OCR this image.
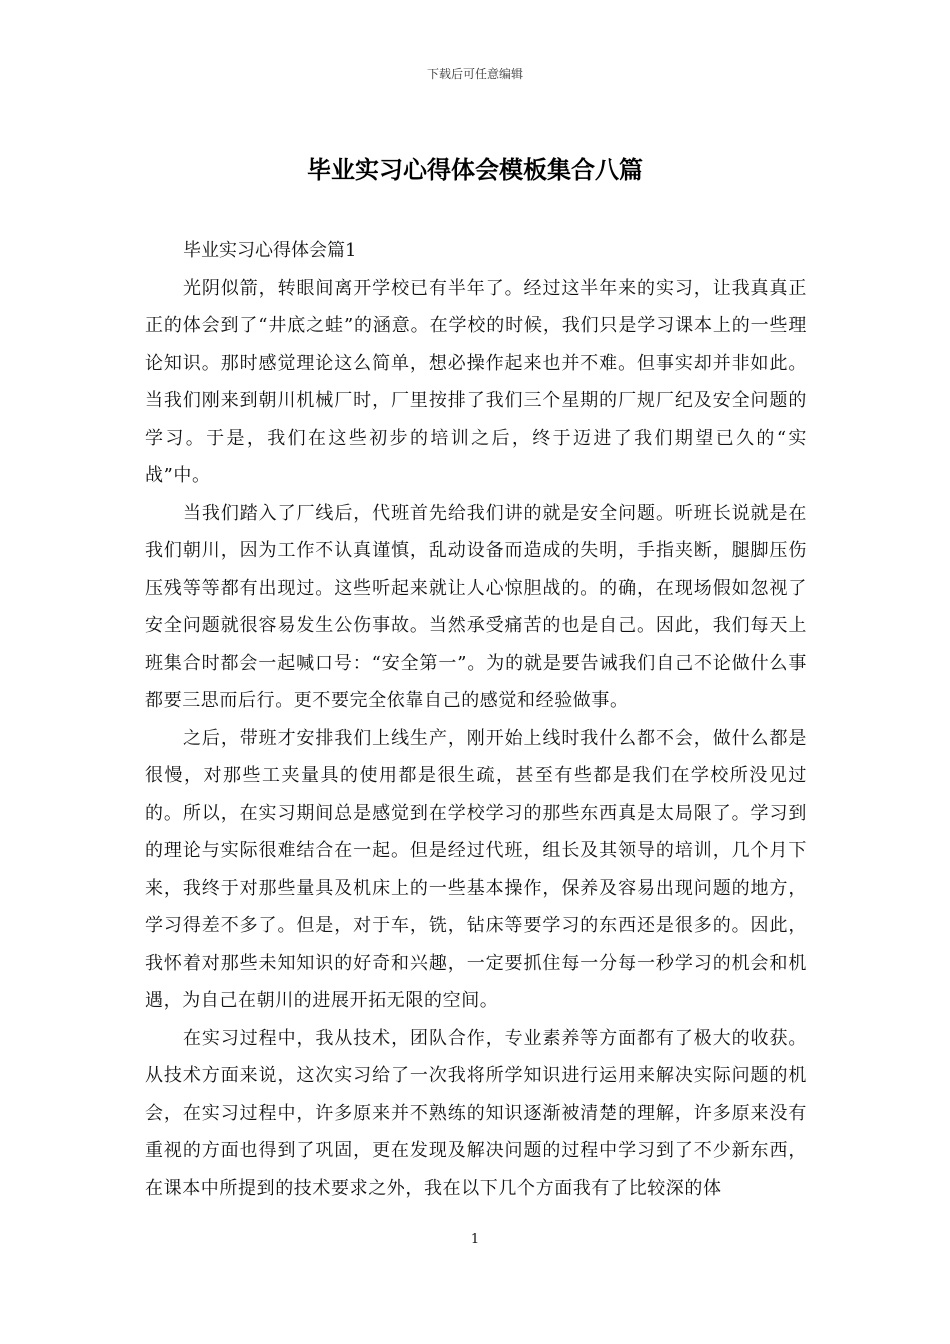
下载后可任意编辑
毕业实习心得体会模板集合八篇

毕业实习心得体会篇1

光阴似箭，转眼间离开学校已有半年了。经过这半年来的实习，让我真真正正的体会到了“井底之蛙”的涵意。在学校的时候，我们只是学习课本上的一些理论知识。那时感觉理论这么简单，想必操作起来也并不难。但事实却并非如此。当我们刚来到朝川机械厂时，厂里按排了我们三个星期的厂规厂纪及安全问题的学习。于是，我们在这些初步的培训之后，终于迈进了我们期望已久的“实战”中。

当我们踏入了厂线后，代班首先给我们讲的就是安全问题。听班长说就是在我们朝川，因为工作不认真谨慎，乱动设备而造成的失明，手指夹断，腿脚压伤压残等等都有出现过。这些听起来就让人心惊胆战的。的确，在现场假如忽视了安全问题就很容易发生公伤事故。当然承受痛苦的也是自己。因此，我们每天上班集合时都会一起喊口号：“安全第一”。为的就是要告诫我们自己不论做什么事都要三思而后行。更不要完全依靠自己的感觉和经验做事。

之后，带班才安排我们上线生产，刚开始上线时我什么都不会，做什么都是很慢，对那些工夹量具的使用都是很生疏，甚至有些都是我们在学校所没见过的。所以，在实习期间总是感觉到在学校学习的那些东西真是太局限了。学习到的理论与实际很难结合在一起。但是经过代班，组长及其领导的培训，几个月下来，我终于对那些量具及机床上的一些基本操作，保养及容易出现问题的地方，学习得差不多了。但是，对于车，铣，钻床等要学习的东西还是很多的。因此，我怀着对那些未知知识的好奇和兴趣，一定要抓住每一分每一秒学习的机会和机遇，为自己在朝川的进展开拓无限的空间。

在实习过程中，我从技术，团队合作，专业素养等方面都有了极大的收获。从技术方面来说，这次实习给了一次我将所学知识进行运用来解决实际问题的机会，在实习过程中，许多原来并不熟练的知识逐渐被清楚的理解，许多原来没有重视的方面也得到了巩固，更在发现及解决问题的过程中学习到了不少新东西，在课本中所提到的技术要求之外，我在以下几个方面我有了比较深的体

1
